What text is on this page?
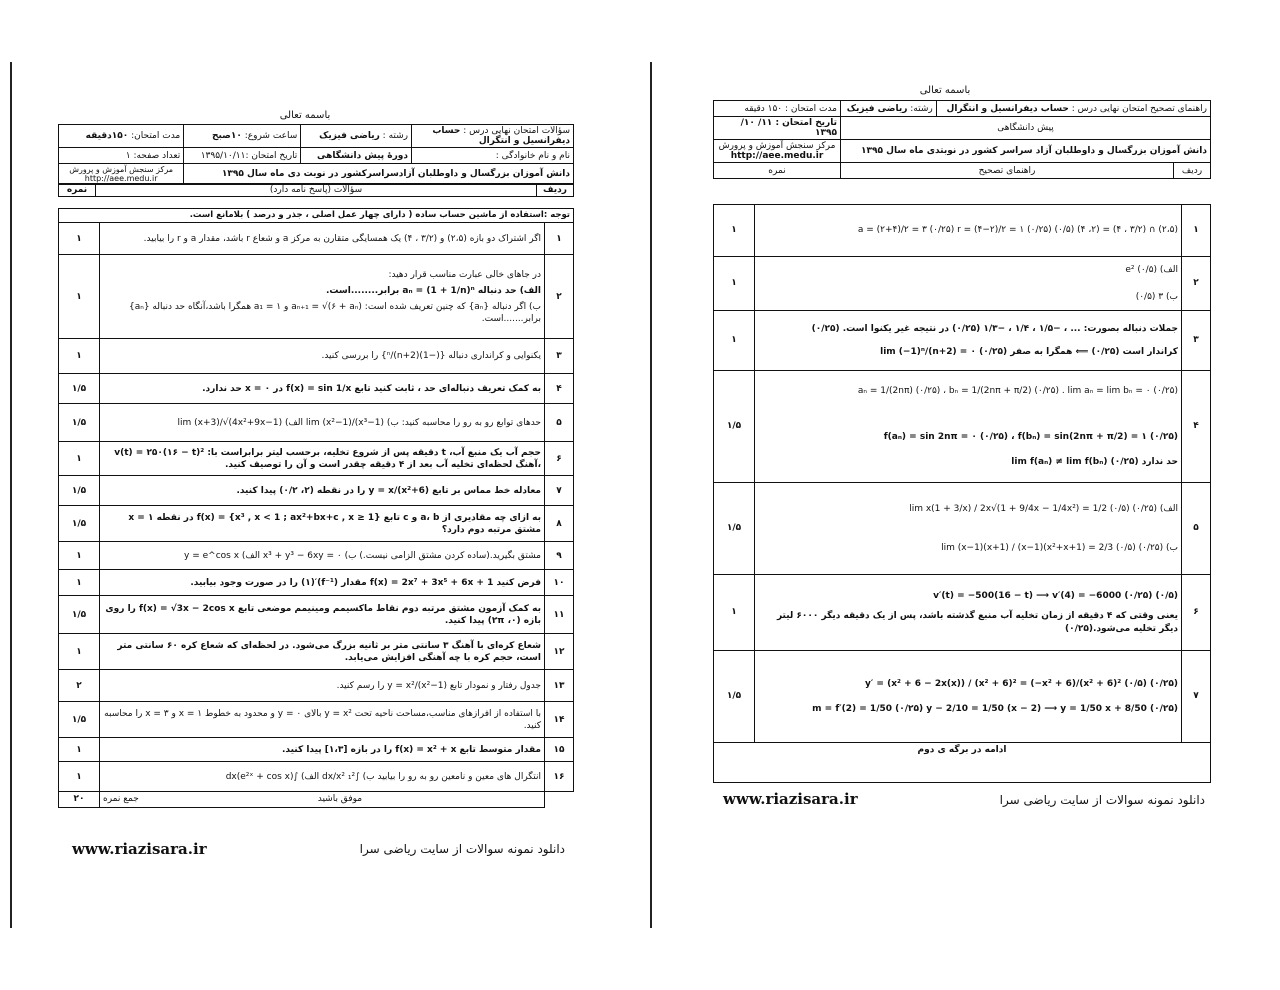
باسمه تعالی
سؤالات امتحان نهایی درس : حساب دیفرانسیل و انتگرال	رشته : ریاضی فیزیک	ساعت شروع: ۱۰صبح	مدت امتحان: ۱۵۰دقیقه
نام و نام خانوادگی :	دورۀ پیش دانشگاهی	تاریخ امتحان :۱۳۹۵/۱۰/۱۱	تعداد صفحه: ۱
دانش آموزان بزرگسال و داوطلبان آزادسراسرکشور در نوبت دی ماه سال ۱۳۹۵			مرکز سنجش آموزش و پرورش
http://aee.medu.ir
ردیف	سؤالات (پاسخ نامه دارد)	نمره
توجه :استفاده از ماشین حساب ساده ( دارای چهار عمل اصلی ، جذر و درصد ) بلامانع است.		
۱	اگر اشتراک دو بازه (۲،۵) و (۳/۲ ، ۴) یک همسایگی متقارن به مرکز a و شعاع r باشد، مقدار a و r را بیابید.	۱
۲	در جاهای خالی عبارت مناسب قرار دهید:
الف) حد دنباله aₙ = (1 + 1/n)ⁿ برابر........است.
ب) اگر دنباله {aₙ} که چنین تعریف شده است: aₙ₊₁ = √(۶ + aₙ) و a₁ = ۱ همگرا باشد،آنگاه حد دنباله {aₙ} برابر.......است.	۱
۳	یکنوایی و کرانداری دنباله {(−1)ⁿ/(n+2)} را بررسی کنید.	۱
۴	به کمک تعریف دنباله‌ای حد ، ثابت کنید تابع f(x) = sin 1/x در x = ۰ حد ندارد.	۱/۵
۵	حدهای توابع رو به رو را محاسبه کنید: ب) lim (x²−1)/(x³−1) الف) lim (x+3)/√(4x²+9x−1)	۱/۵
۶	حجم آب یک منبع آب، t دقیقه پس از شروع تخلیه، برحسب لیتر برابراست با: v(t) = ۲۵۰(۱۶ − t)² ،آهنگ لحظه‌ای تخلیه آب بعد از ۴ دقیقه چقدر است و آن را توصیف کنید.	۱
۷	معادله خط مماس بر تابع y = x/(x²+6) را در نقطه (۲، ۰/۲) پیدا کنید.	۱/۵
۸	به ازای چه مقادیری از a، b و c تابع f(x) = {x³ , x < 1 ; ax²+bx+c , x ≥ 1} در نقطه x = ۱ مشتق مرتبه دوم دارد؟	۱/۵
۹	مشتق بگیرید.(ساده کردن مشتق الزامی نیست.) ب) x³ + y³ − 6xy = ۰ الف) y = e^cos x	۱
۱۰	فرض کنید f(x) = 2x⁷ + 3x⁵ + 6x + 1 مقدار (f⁻¹)′(۱) را در صورت وجود بیابید.	۱
۱۱	به کمک آزمون مشتق مرتبه دوم نقاط ماکسیمم ومینیمم موضعی تابع f(x) = √3x − 2cos x را روی بازه (۰، ۲π) پیدا کنید.	۱/۵
۱۲	شعاع کره‌ای با آهنگ ۳ سانتی متر بر ثانیه بزرگ می‌شود. در لحظه‌ای که شعاع کره ۶۰ سانتی متر است، حجم کره با چه آهنگی افزایش می‌یابد.	۱
۱۳	جدول رفتار و نمودار تابع y = x²/(x²−1) را رسم کنید.	۲
۱۴	با استفاده از افرازهای مناسب،مساحت ناحیه تحت y = x² بالای y = ۰ و محدود به خطوط x = ۱ و x = ۳ را محاسبه کنید.	۱/۵
۱۵	مقدار متوسط تابع f(x) = x² + x را در بازه [۱،۳] پیدا کنید.	۱
۱۶	انتگرال های معین و نامعین رو به رو را بیابید ب) ∫₁² dx/x² الف) ∫(e²ˣ + cos x)dx	۱

	جمع نمره موفق باشید	۲۰
www.riazisara.ir	دانلود نمونه سوالات از سایت ریاضی سرا
باسمه تعالی
راهنمای تصحیح امتحان نهایی درس : حساب دیفرانسیل و انتگرال		رشته: ریاضی فیزیک	مدت امتحان : ۱۵۰ دقیقه
پیش دانشگاهی			تاریخ امتحان : ۱۱/ ۱۰/ ۱۳۹۵
دانش آموزان بزرگسال و داوطلبان آزاد سراسر کشور در نوبتدی ماه سال ۱۳۹۵			مرکز سنجش آموزش و پرورش
http://aee.medu.ir

ردیف	راهنمای تصحیح		نمره
۱	(۲،۵) ∩ (۳/۲ ، ۴) = (۲، ۴) (۰/۵) a = (۲+۴)/۲ = ۳ (۰/۲۵) r = (۴−۲)/۲ = ۱ (۰/۲۵)	۱
۲	الف) e² (۰/۵)
ب) ۳ (۰/۵)	۱
۳	جملات دنباله بصورت: ... ، −۱/۵ ، ۱/۴ ، −۱/۳ (۰/۲۵) در نتیجه غیر یکنوا است. (۰/۲۵)
کراندار است (۰/۲۵) ⟸ همگرا به صفر (۰/۲۵) lim (−1)ⁿ/(n+2) = ۰	۱
۴	aₙ = 1/(2nπ) (۰/۲۵) ، bₙ = 1/(2nπ + π/2) (۰/۲۵) . lim aₙ = lim bₙ = ۰ (۰/۲۵)
f(aₙ) = sin 2nπ = ۰ (۰/۲۵) ، f(bₙ) = sin(2nπ + π/2) = ۱ (۰/۲۵)
حد ندارد lim f(aₙ) ≠ lim f(bₙ) (۰/۲۵)	۱/۵
۵	الف) lim x(1 + 3/x) / 2x√(1 + 9/4x − 1/4x²) = 1/2 (۰/۵) (۰/۲۵)
ب) lim (x−1)(x+1) / (x−1)(x²+x+1) = 2/3 (۰/۵) (۰/۲۵)	۱/۵
۶	v′(t) = −500(16 − t) ⟶ v′(4) = −6000 (۰/۲۵) (۰/۵)
یعنی وقتی که ۴ دقیقه از زمان تخلیه آب منبع گذشته باشد، پس از یک دقیقه دیگر ۶۰۰۰ لیتر دیگر تخلیه می‌شود.(۰/۲۵)	۱
۷	y′ = (x² + 6 − 2x(x)) / (x² + 6)² = (−x² + 6)/(x² + 6)² (۰/۵) (۰/۲۵)
m = f′(2) = 1/50 (۰/۲۵) y − 2/10 = 1/50 (x − 2) ⟶ y = 1/50 x + 8/50 (۰/۲۵)	۱/۵
ادامه در برگه ی دوم		
www.riazisara.ir	دانلود نمونه سوالات از سایت ریاضی سرا
